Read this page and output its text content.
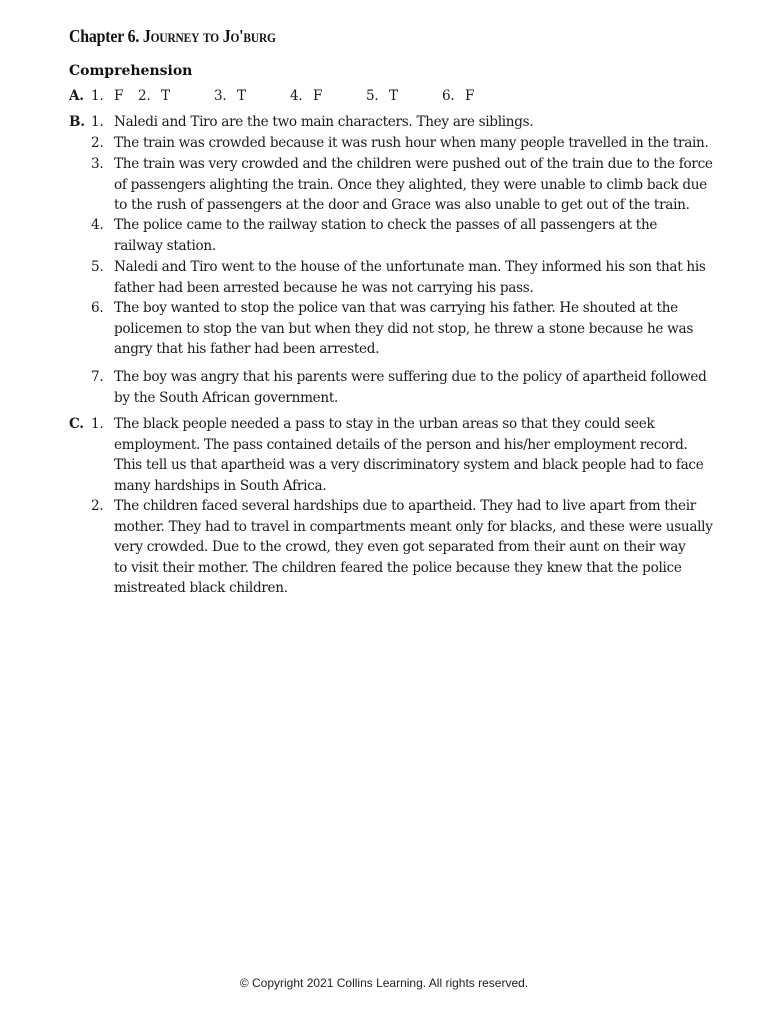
Chapter 6. Journey to Jo'burg
Comprehension
A. 1. F 2. T	3. T	4. F	5. T	6. F
B. 1. Naledi and Tiro are the two main characters. They are siblings.
2. The train was crowded because it was rush hour when many people travelled in the train.
3. The train was very crowded and the children were pushed out of the train due to the force
of passengers alighting the train. Once they alighted, they were unable to climb back due
to the rush of passengers at the door and Grace was also unable to get out of the train.
4. The police came to the railway station to check the passes of all passengers at the
railway station.
5. Naledi and Tiro went to the house of the unfortunate man. They informed his son that his
father had been arrested because he was not carrying his pass.
6. The boy wanted to stop the police van that was carrying his father. He shouted at the
policemen to stop the van but when they did not stop, he threw a stone because he was
angry that his father had been arrested.
7. The boy was angry that his parents were suffering due to the policy of apartheid followed
by the South African government.
C. 1. The black people needed a pass to stay in the urban areas so that they could seek
employment. The pass contained details of the person and his/her employment record.
This tell us that apartheid was a very discriminatory system and black people had to face
many hardships in South Africa.
2. The children faced several hardships due to apartheid. They had to live apart from their
mother. They had to travel in compartments meant only for blacks, and these were usually
very crowded. Due to the crowd, they even got separated from their aunt on their way
to visit their mother. The children feared the police because they knew that the police
mistreated black children.
© Copyright 2021 Collins Learning. All rights reserved.
